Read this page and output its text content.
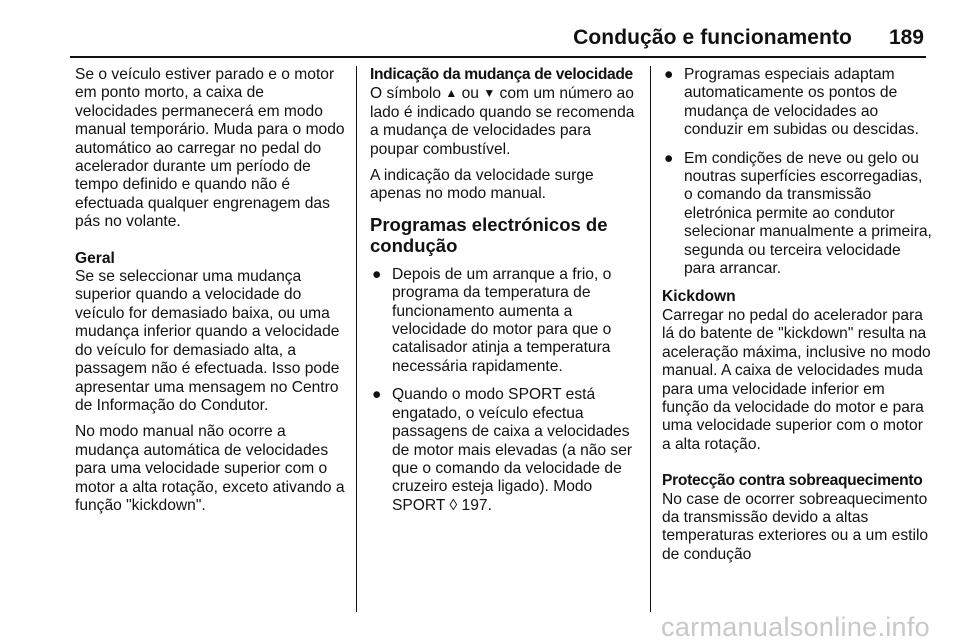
Condução e funcionamento 189

Se o veículo estiver parado e o motor em ponto morto, a caixa de velocidades permanecerá em modo manual temporário. Muda para o modo automático ao carregar no pedal do acelerador durante um período de tempo definido e quando não é efectuada qualquer engrenagem das pás no volante.

Geral

Se se seleccionar uma mudança superior quando a velocidade do veículo for demasiado baixa, ou uma mudança inferior quando a velocidade do veículo for demasiado alta, a passagem não é efectuada. Isso pode apresentar uma mensagem no Centro de Informação do Condutor.

No modo manual não ocorre a mudança automática de velocidades para uma velocidade superior com o motor a alta rotação, exceto ativando a função "kickdown".

Indicação da mudança de velocidade

O símbolo ▲ ou ▼ com um número ao lado é indicado quando se recomenda a mudança de velocidades para poupar combustível.

A indicação da velocidade surge apenas no modo manual.

Programas electrónicos de condução
● Depois de um arranque a frio, o programa da temperatura de funcionamento aumenta a velocidade do motor para que o catalisador atinja a temperatura necessária rapidamente.
● Quando o modo SPORT está engatado, o veículo efectua passagens de caixa a velocidades de motor mais elevadas (a não ser que o comando da velocidade de cruzeiro esteja ligado). Modo SPORT ◊ 197.
● Programas especiais adaptam automaticamente os pontos de mudança de velocidades ao conduzir em subidas ou descidas.
● Em condições de neve ou gelo ou noutras superfícies escorregadias, o comando da transmissão eletrónica permite ao condutor selecionar manualmente a primeira, segunda ou terceira velocidade para arrancar.

Kickdown

Carregar no pedal do acelerador para lá do batente de "kickdown" resulta na aceleração máxima, inclusive no modo manual. A caixa de velocidades muda para uma velocidade inferior em função da velocidade do motor e para uma velocidade superior com o motor a alta rotação.

Protecção contra sobreaquecimento

No case de ocorrer sobreaquecimento da transmissão devido a altas temperaturas exteriores ou a um estilo de condução

carmanualsonline.info
